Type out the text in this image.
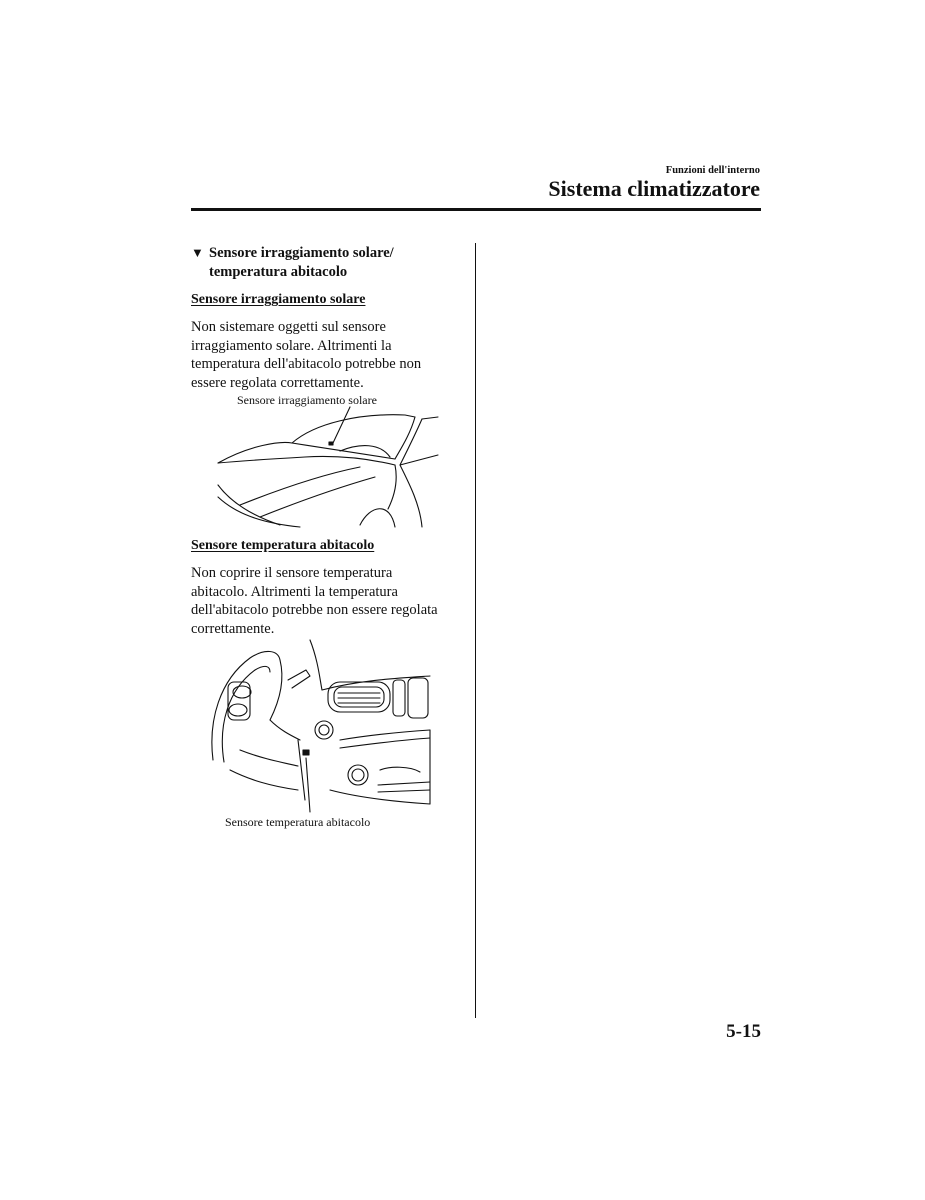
Funzioni dell'interno
Sistema climatizzatore
▼ Sensore irraggiamento solare/
temperatura abitacolo
Sensore irraggiamento solare
Non sistemare oggetti sul sensore
irraggiamento solare. Altrimenti la
temperatura dell'abitacolo potrebbe non
essere regolata correttamente.
Sensore irraggiamento solare
Sensore temperatura abitacolo
Non coprire il sensore temperatura
abitacolo. Altrimenti la temperatura
dell'abitacolo potrebbe non essere regolata
correttamente.
Sensore temperatura abitacolo
5-15
